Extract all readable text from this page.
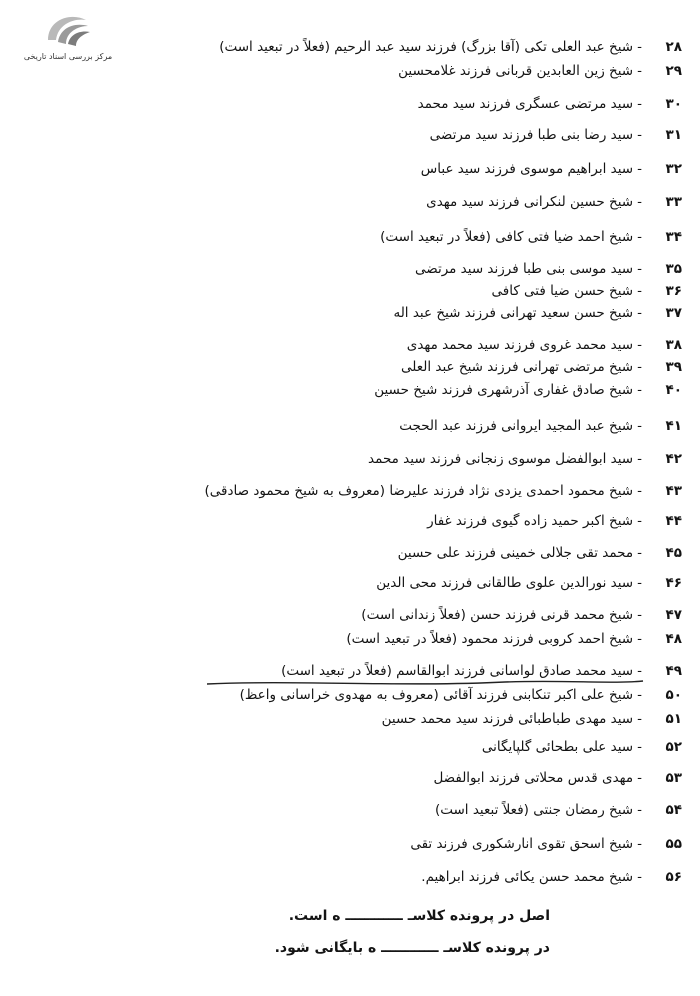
مرکز بررسی اسناد تاریخی
۲۸-شیخ عبد العلی تکی (آقا بزرگ) فرزند سید عبد الرحیم (فعلاً در تبعید است)
۲۹-شیخ زین العابدین قربانی فرزند غلامحسین
۳۰-سید مرتضی عسگری فرزند سید محمد
۳۱-سید رضا بنی طبا فرزند سید مرتضی
۳۲-سید ابراهیم موسوی فرزند سید عباس
۳۳-شیخ حسین لنکرانی فرزند سید مهدی
۳۴-شیخ احمد ضیا فتی کافی (فعلاً در تبعید است)
۳۵-سید موسی بنی طبا فرزند سید مرتضی
۳۶-شیخ حسن ضیا فتی کافی
۳۷-شیخ حسن سعید تهرانی فرزند شیخ عبد اله
۳۸-سید محمد غروی فرزند سید محمد مهدی
۳۹-شیخ مرتضی تهرانی فرزند شیخ عبد العلی
۴۰-شیخ صادق غفاری آذرشهری فرزند شیخ حسین
۴۱-شیخ عبد المجید ایروانی فرزند عبد الحجت
۴۲-سید ابوالفضل موسوی زنجانی فرزند سید محمد
۴۳-شیخ محمود احمدی یزدی نژاد فرزند علیرضا (معروف به شیخ محمود صادقی)
۴۴-شیخ اکبر حمید زاده گیوی فرزند غفار
۴۵-محمد تقی جلالی خمینی فرزند علی حسین
۴۶-سید نورالدین علوی طالقانی فرزند محی الدین
۴۷-شیخ محمد قرنی فرزند حسن (فعلاً زندانی است)
۴۸-شیخ احمد کروبی فرزند محمود (فعلاً در تبعید است)
۴۹-سید محمد صادق لواسانی فرزند ابوالقاسم (فعلاً در تبعید است)
۵۰-شیخ علی اکبر تنکابنی فرزند آقائی (معروف به مهدوی خراسانی واعظ)
۵۱-سید مهدی طباطبائی فرزند سید محمد حسین
۵۲-سید علی بطحائی گلپایگانی
۵۳-مهدی قدس محلاتی فرزند ابوالفضل
۵۴-شیخ رمضان جنتی (فعلاً تبعید است)
۵۵-شیخ اسحق تقوی انارشکوری فرزند تقی
۵۶-شیخ محمد حسن یکائی فرزند ابراهیم.
اصل در پرونده کلاسـ ــــــــــــ ه است.
در پرونده کلاسـ ــــــــــــ ه بایگانی شود.
